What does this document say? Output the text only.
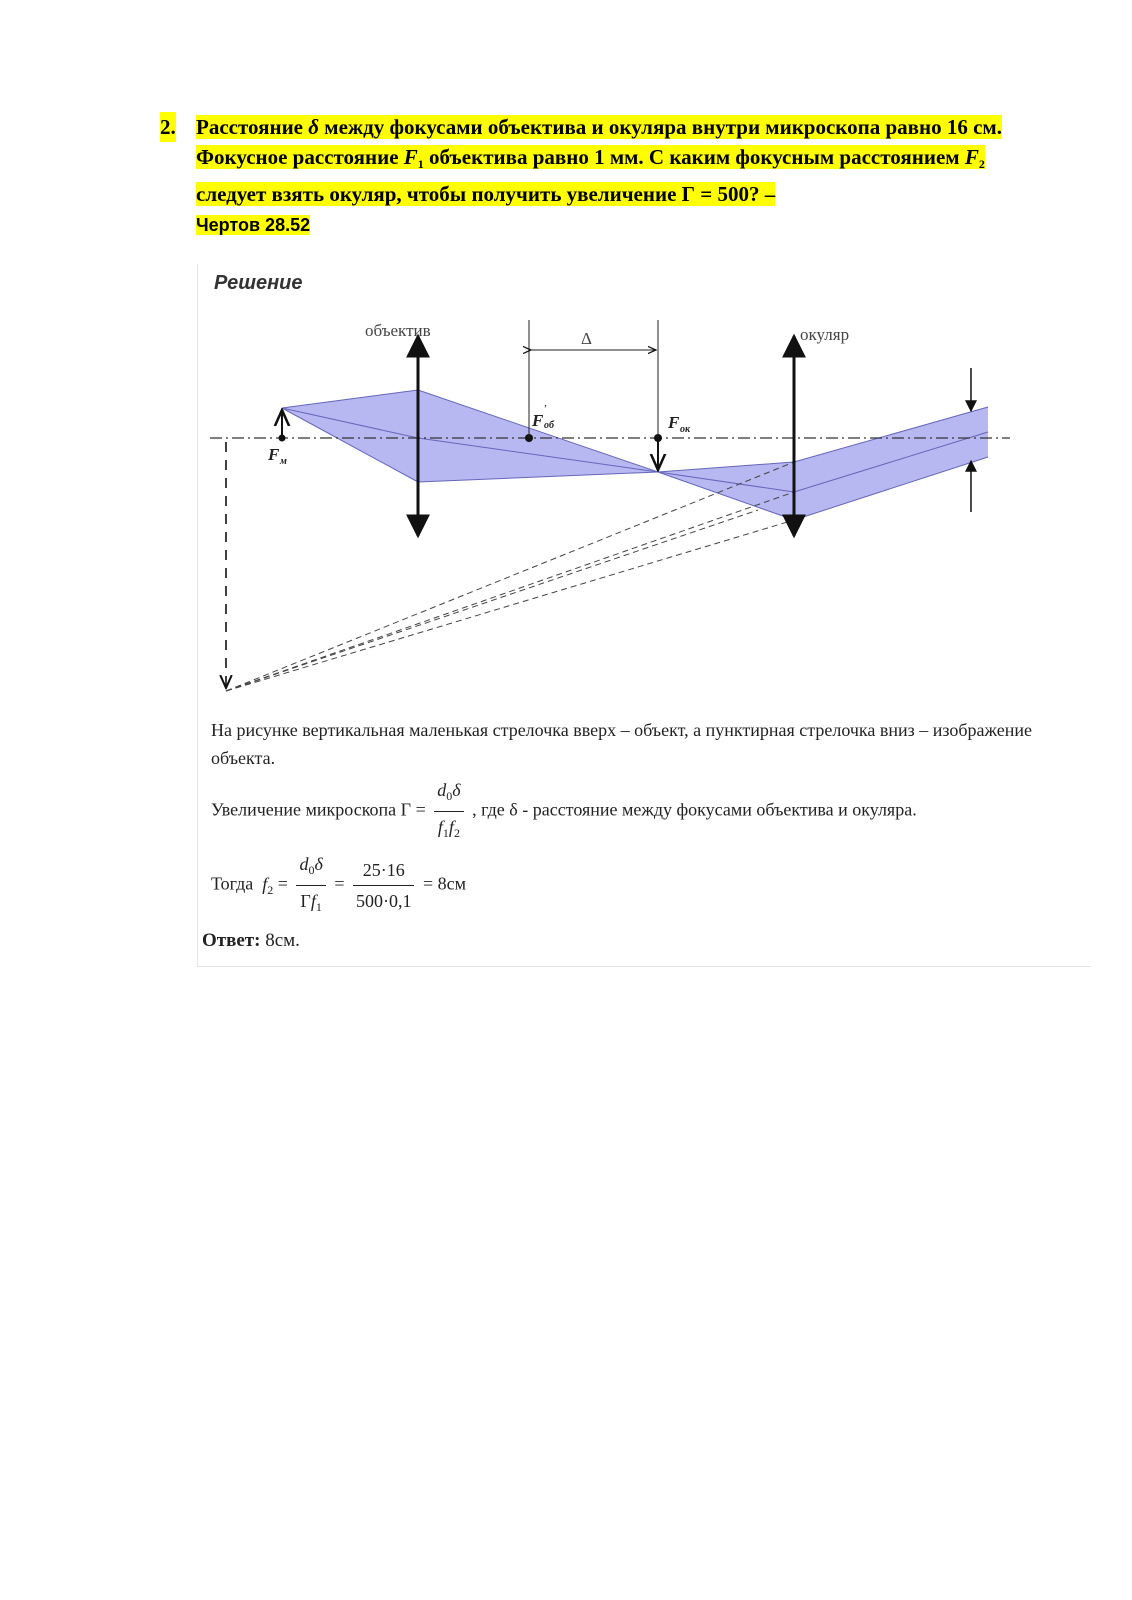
2. Расстояние δ между фокусами объектива и окуляра внутри микроскопа равно 16 см. Фокусное расстояние $F_1$ объектива равно 1 мм. С каким фокусным расстоянием $F_2$ следует взять окуляр, чтобы получить увеличение Г = 500? –
Чертов 28.52
Решение
объектив	окуляр
Δ
F
′
об	F ок
F м
На рисунке вертикальная маленькая стрелочка вверх – объект, а пунктирная стрелочка вниз – изображение объекта.
Увеличение микроскопа $Г = \frac{d_0\delta}{f_1f_2}$ , где δ - расстояние между фокусами объектива и окуляра.
Тогда $f_2 = \frac{d_0\delta}{Гf_1} = \frac{25\cdot 16}{500\cdot 0,1} = 8см$
Ответ: 8см.
